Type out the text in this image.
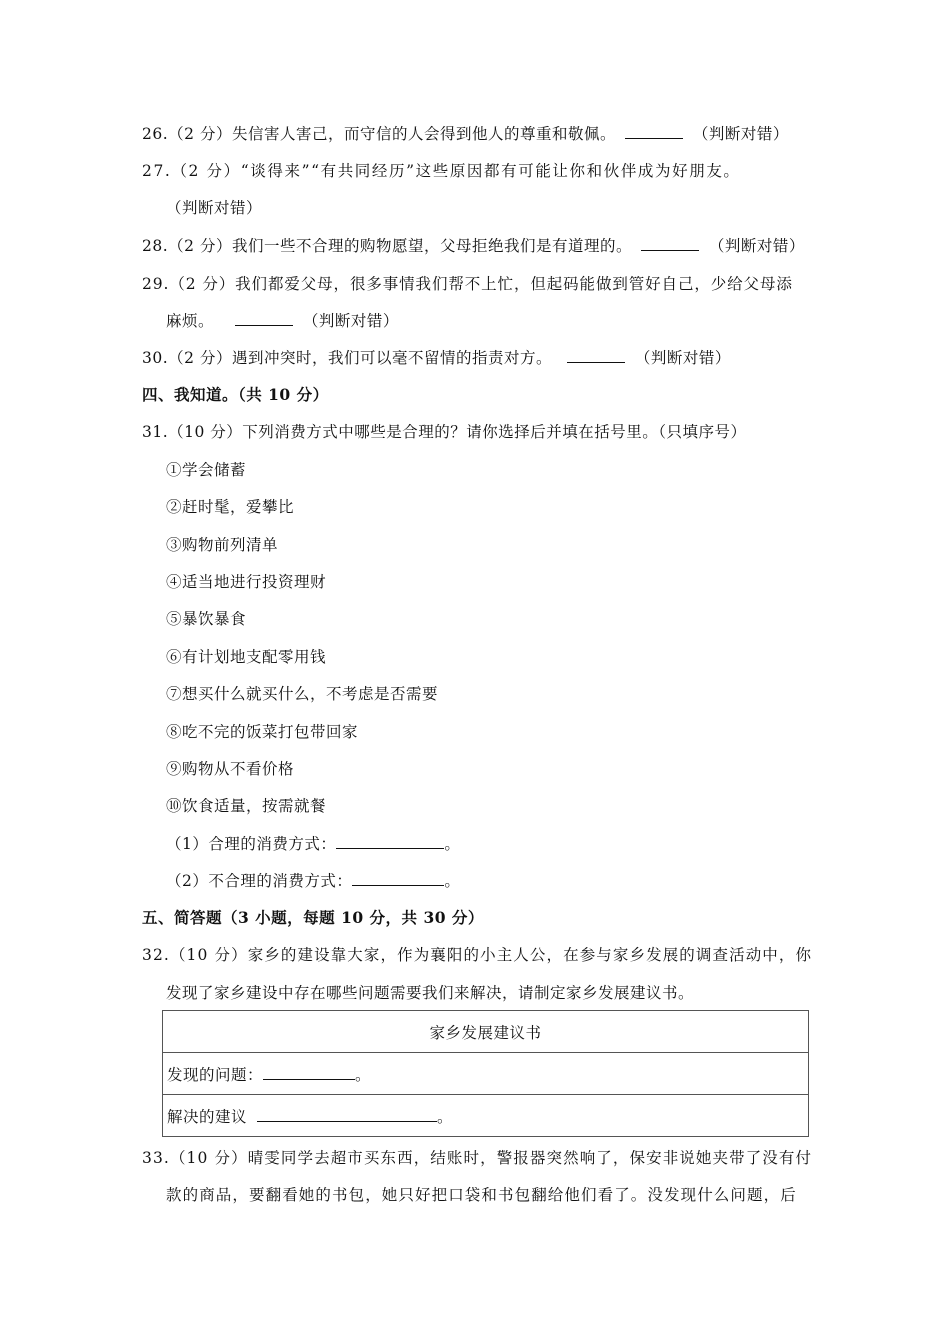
26.（2 分）失信害人害己，而守信的人会得到他人的尊重和敬佩。	（判断对错）
27.（2 分）“谈得来”“有共同经历”这些原因都有可能让你和伙伴成为好朋友。
（判断对错）
28.（2 分）我们一些不合理的购物愿望，父母拒绝我们是有道理的。	（判断对错）
29.（2 分）我们都爱父母，很多事情我们帮不上忙，但起码能做到管好自己，少给父母添
麻烦。	（判断对错）
30.（2 分）遇到冲突时，我们可以毫不留情的指责对方。	（判断对错）
四、我知道。（共 10 分）
31.（10 分）下列消费方式中哪些是合理的？请你选择后并填在括号里。（只填序号）
①学会储蓄
②赶时髦，爱攀比
③购物前列清单
④适当地进行投资理财
⑤暴饮暴食
⑥有计划地支配零用钱
⑦想买什么就买什么，不考虑是否需要
⑧吃不完的饭菜打包带回家
⑨购物从不看价格
⑩饮食适量，按需就餐
（1）合理的消费方式：	。
（2）不合理的消费方式：	。
五、简答题（3 小题，每题 10 分，共 30 分）
32.（10 分）家乡的建设靠大家，作为襄阳的小主人公，在参与家乡发展的调查活动中，你
发现了家乡建设中存在哪些问题需要我们来解决，请制定家乡发展建议书。
家乡发展建议书
发现的问题：	。
解决的建议	。
33.（10 分）晴雯同学去超市买东西，结账时，警报器突然响了，保安非说她夹带了没有付
款的商品，要翻看她的书包，她只好把口袋和书包翻给他们看了。没发现什么问题，后
